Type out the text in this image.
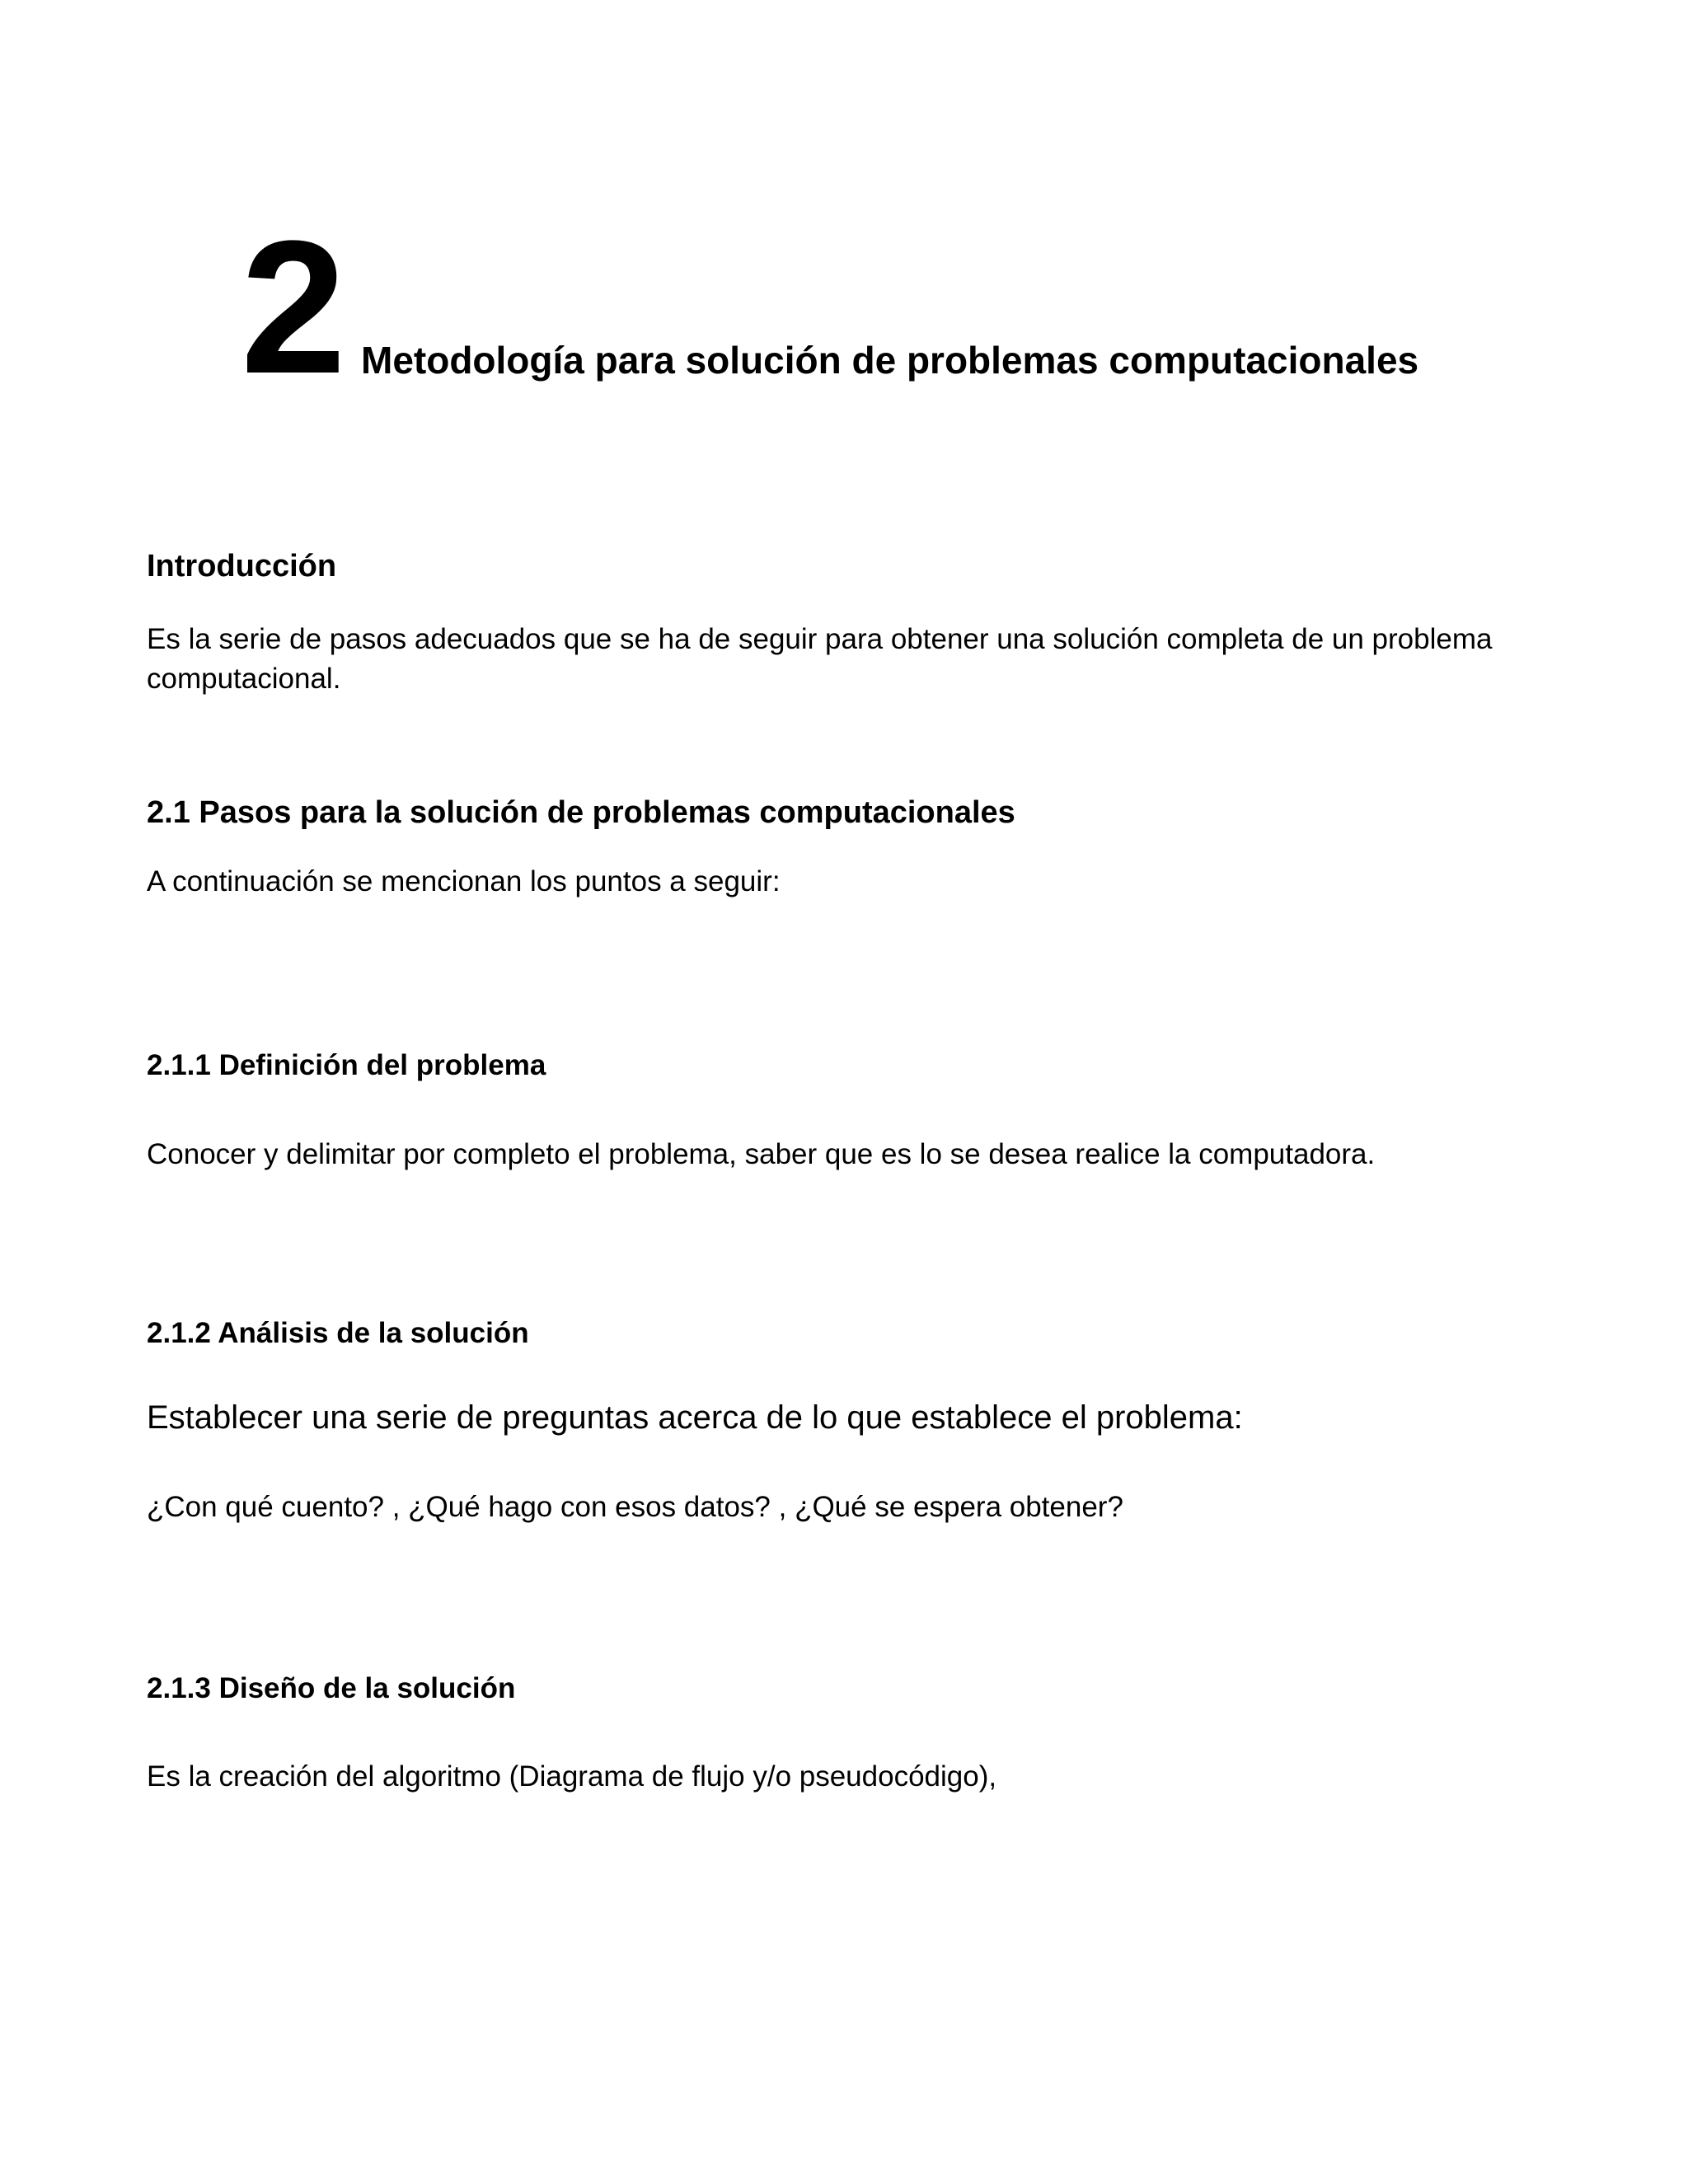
2 Metodología para solución de problemas computacionales
Introducción
Es la serie de pasos adecuados que se ha de seguir para obtener una solución completa de un problema computacional.
2.1 Pasos para la solución de problemas computacionales
A continuación se mencionan los puntos a seguir:
2.1.1 Definición del problema
Conocer y delimitar por completo el problema, saber que es lo se desea realice la computadora.
2.1.2 Análisis de la solución
Establecer una serie de preguntas acerca de lo que establece el problema:
¿Con qué cuento? , ¿Qué hago con esos datos? , ¿Qué se espera obtener?
2.1.3 Diseño de la solución
Es la creación del algoritmo (Diagrama de flujo y/o pseudocódigo),
